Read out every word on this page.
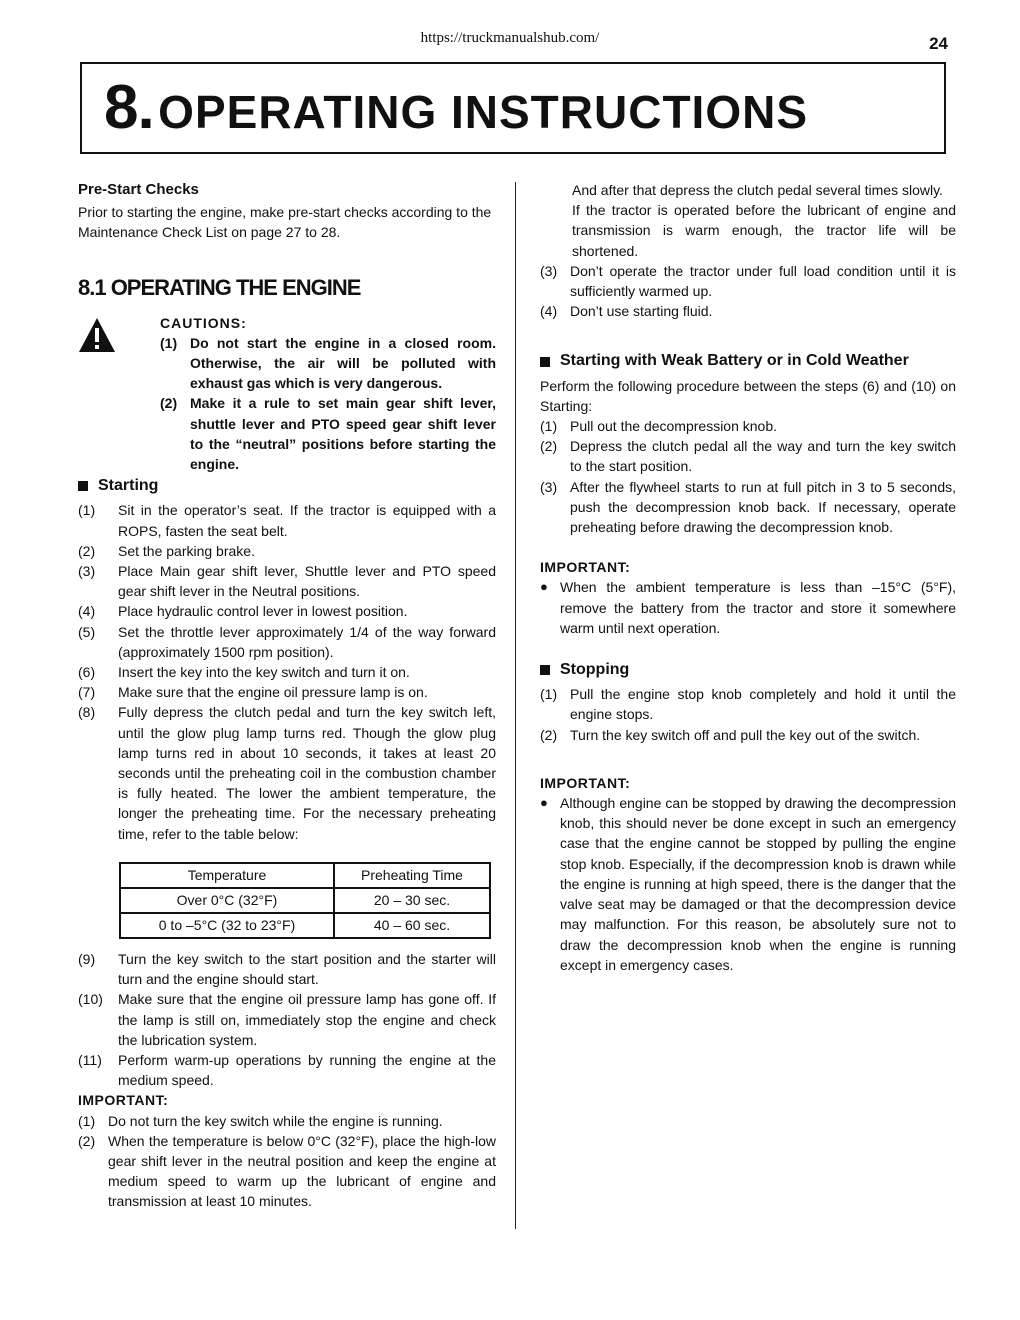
https://truckmanualshub.com/	24
8. OPERATING INSTRUCTIONS

Pre-Start Checks

Prior to starting the engine, make pre-start checks according to the Maintenance Check List on page 27 to 28.

8.1 OPERATING THE ENGINE

CAUTIONS:

(1) Do not start the engine in a closed room. Otherwise, the air will be polluted with exhaust gas which is very dangerous.
(2) Make it a rule to set main gear shift lever, shuttle lever and PTO speed gear shift lever to the “neutral” positions before starting the engine.
Starting
(1)	Sit in the operator’s seat. If the tractor is equipped with a ROPS, fasten the seat belt.
(2)	Set the parking brake.
(3)	Place Main gear shift lever, Shuttle lever and PTO speed gear shift lever in the Neutral positions.
(4)	Place hydraulic control lever in lowest position.
(5)	Set the throttle lever approximately 1/4 of the way forward (approximately 1500 rpm position).
(6)	Insert the key into the key switch and turn it on.
(7)	Make sure that the engine oil pressure lamp is on.
(8)	Fully depress the clutch pedal and turn the key switch left, until the glow plug lamp turns red. Though the glow plug lamp turns red in about 10 seconds, it takes at least 20 seconds until the preheating coil in the combustion chamber is fully heated. The lower the ambient temperature, the longer the preheating time. For the necessary preheating time, refer to the table below:
Temperature	Preheating Time
Over 0°C (32°F)	20 – 30 sec.
0 to –5°C (32 to 23°F)	40 – 60 sec.
(9)	Turn the key switch to the start position and the starter will turn and the engine should start.
(10)	Make sure that the engine oil pressure lamp has gone off. If the lamp is still on, immediately stop the engine and check the lubrication system.
(11)	Perform warm-up operations by running the engine at the medium speed.

IMPORTANT:

(1) Do not turn the key switch while the engine is running.
(2) When the temperature is below 0°C (32°F), place the high-low gear shift lever in the neutral position and keep the engine at medium speed to warm up the lubricant of engine and transmission at least 10 minutes.

And after that depress the clutch pedal several times slowly.

If the tractor is operated before the lubricant of engine and transmission is warm enough, the tractor life will be shortened.

(3) Don’t operate the tractor under full load condition until it is sufficiently warmed up.
(4) Don’t use starting fluid.
Starting with Weak Battery or in Cold Weather

Perform the following procedure between the steps (6) and (10) on Starting:

(1) Pull out the decompression knob.
(2) Depress the clutch pedal all the way and turn the key switch to the start position.
(3) After the flywheel starts to run at full pitch in 3 to 5 seconds, push the decompression knob back. If necessary, operate preheating before drawing the decompression knob.

IMPORTANT:

● When the ambient temperature is less than –15°C (5°F), remove the battery from the tractor and store it somewhere warm until next operation.
Stopping
(1) Pull the engine stop knob completely and hold it until the engine stops.
(2) Turn the key switch off and pull the key out of the switch.

IMPORTANT:

● Although engine can be stopped by drawing the decompression knob, this should never be done except in such an emergency case that the engine cannot be stopped by pulling the engine stop knob. Especially, if the decompression knob is drawn while the engine is running at high speed, there is the danger that the valve seat may be damaged or that the decompression device may malfunction. For this reason, be absolutely sure not to draw the decompression knob when the engine is running except in emergency cases.
